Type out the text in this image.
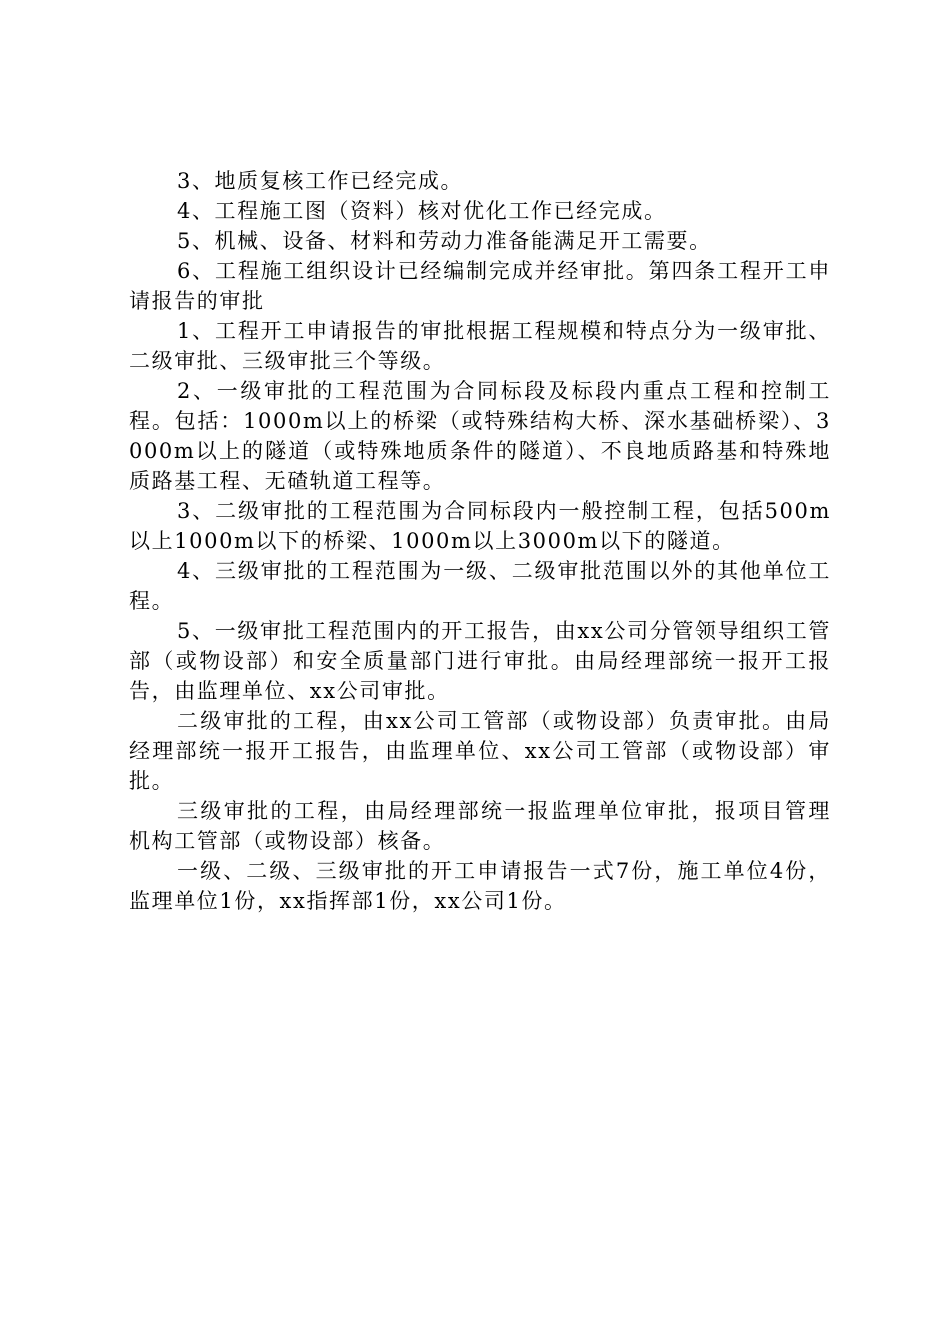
3、地质复核工作已经完成。

4、工程施工图（资料）核对优化工作已经完成。

5、机械、设备、材料和劳动力准备能满足开工需要。

6、工程施工组织设计已经编制完成并经审批。第四条工程开工申请报告的审批

1、工程开工申请报告的审批根据工程规模和特点分为一级审批、二级审批、三级审批三个等级。

2、一级审批的工程范围为合同标段及标段内重点工程和控制工程。包括：1000m以上的桥梁（或特殊结构大桥、深水基础桥梁）、3000m以上的隧道（或特殊地质条件的隧道）、不良地质路基和特殊地质路基工程、无碴轨道工程等。

3、二级审批的工程范围为合同标段内一般控制工程，包括500m以上1000m以下的桥梁、1000m以上3000m以下的隧道。

4、三级审批的工程范围为一级、二级审批范围以外的其他单位工程。

5、一级审批工程范围内的开工报告，由xx公司分管领导组织工管部（或物设部）和安全质量部门进行审批。由局经理部统一报开工报告，由监理单位、xx公司审批。

二级审批的工程，由xx公司工管部（或物设部）负责审批。由局经理部统一报开工报告，由监理单位、xx公司工管部（或物设部）审批。

三级审批的工程，由局经理部统一报监理单位审批，报项目管理机构工管部（或物设部）核备。

一级、二级、三级审批的开工申请报告一式7份，施工单位4份，监理单位1份，xx指挥部1份，xx公司1份。
